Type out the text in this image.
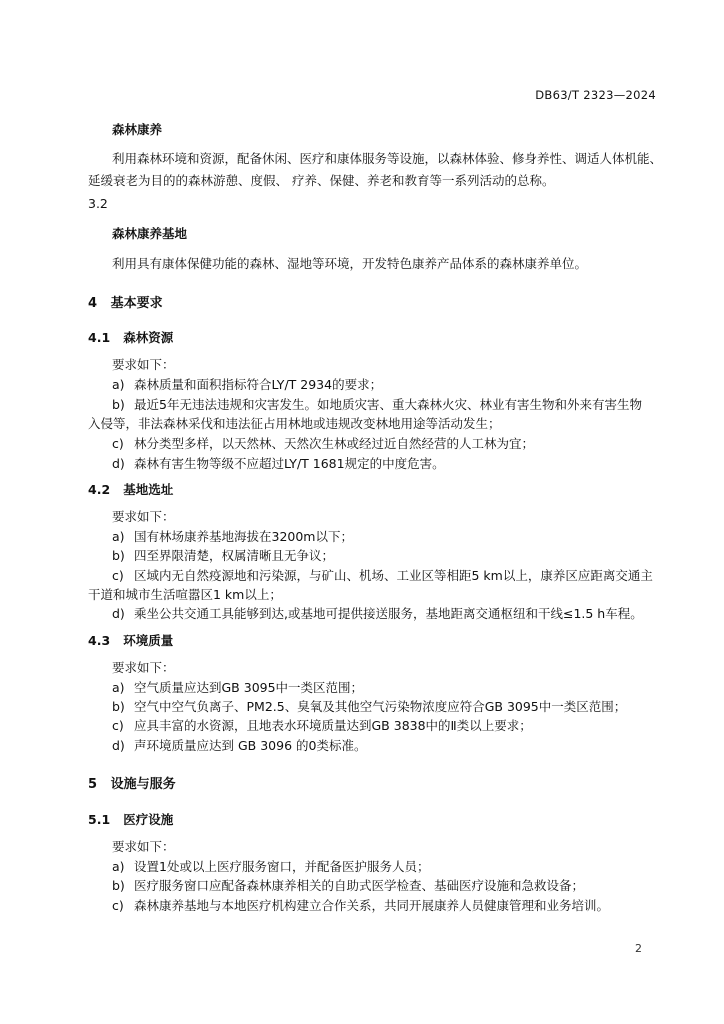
DB63/T 2323—2024
森林康养
利用森林环境和资源，配备休闲、医疗和康体服务等设施，以森林体验、修身养性、调适人体机能、
延缓衰老为目的的森林游憩、度假、 疗养、保健、养老和教育等一系列活动的总称。
3.2
森林康养基地
利用具有康体保健功能的森林、湿地等环境，开发特色康养产品体系的森林康养单位。
4 基本要求
4.1 森林资源
要求如下：
a) 森林质量和面积指标符合LY/T 2934的要求；
b) 最近5年无违法违规和灾害发生。如地质灾害、重大森林火灾、林业有害生物和外来有害生物
入侵等，非法森林采伐和违法征占用林地或违规改变林地用途等活动发生；
c) 林分类型多样，以天然林、天然次生林或经过近自然经营的人工林为宜；
d) 森林有害生物等级不应超过LY/T 1681规定的中度危害。
4.2 基地选址
要求如下：
a) 国有林场康养基地海拔在3200m以下；
b) 四至界限清楚，权属清晰且无争议；
c) 区域内无自然疫源地和污染源，与矿山、机场、工业区等相距5 km以上，康养区应距离交通主
干道和城市生活喧嚣区1 km以上；
d) 乘坐公共交通工具能够到达,或基地可提供接送服务，基地距离交通枢纽和干线≤1.5 h车程。
4.3 环境质量
要求如下：
a) 空气质量应达到GB 3095中一类区范围；
b) 空气中空气负离子、PM2.5、臭氧及其他空气污染物浓度应符合GB 3095中一类区范围；
c) 应具丰富的水资源，且地表水环境质量达到GB 3838中的Ⅱ类以上要求；
d) 声环境质量应达到 GB 3096 的0类标准。
5 设施与服务
5.1 医疗设施
要求如下：
a) 设置1处或以上医疗服务窗口，并配备医护服务人员；
b) 医疗服务窗口应配备森林康养相关的自助式医学检查、基础医疗设施和急救设备；
c) 森林康养基地与本地医疗机构建立合作关系，共同开展康养人员健康管理和业务培训。
2
